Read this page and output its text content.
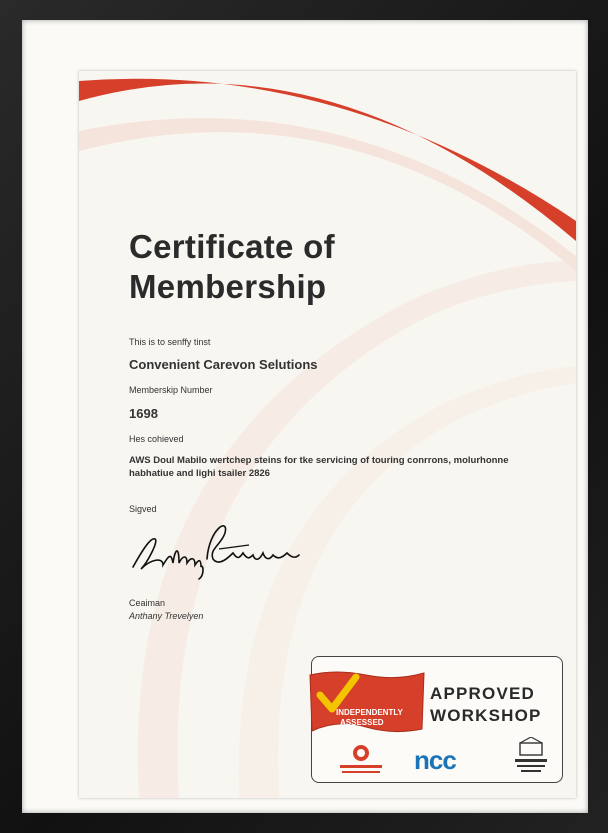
Certificate of
Membership
This is to senffy tinst
Convenient Carevon Selutions
Memberskip Number
1698
Hes cohieved
AWS Doul Mabilo wertchep steins for tke servicing of touring conrrons, molurhonne habhatiue and lighi tsailer 2826
Sigved
Ceaiman
Anthany Trevelyen
INDEPENDENTLY
ASSESSED
APPROVED
WORKSHOP
ncc
